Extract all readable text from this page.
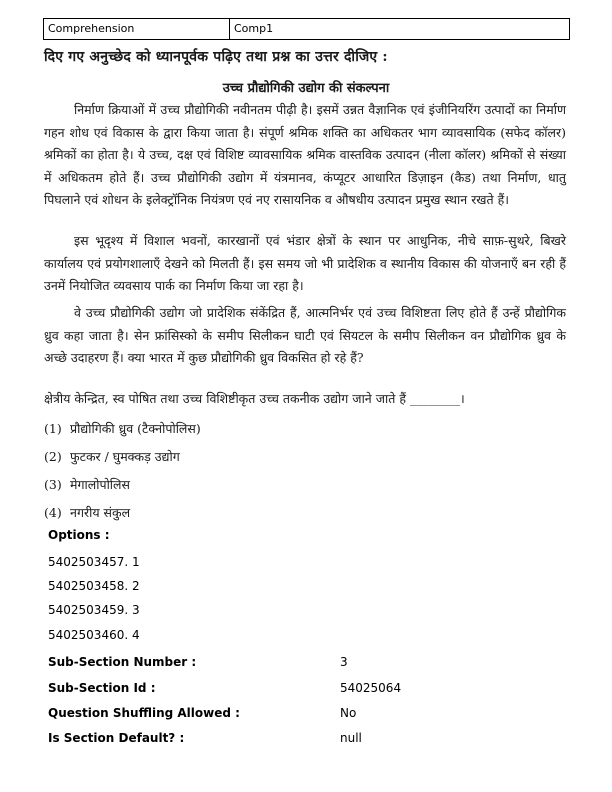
Comprehension	Comp1
दिए गए अनुच्छेद को ध्यानपूर्वक पढ़िए तथा प्रश्न का उत्तर दीजिए :
उच्च प्रौद्योगिकी उद्योग की संकल्पना

निर्माण क्रियाओं में उच्च प्रौद्योगिकी नवीनतम पीढ़ी है। इसमें उन्नत वैज्ञानिक एवं इंजीनियरिंग उत्पादों का निर्माण गहन शोध एवं विकास के द्वारा किया जाता है। संपूर्ण श्रमिक शक्ति का अधिकतर भाग व्यावसायिक (सफेद कॉलर) श्रमिकों का होता है। ये उच्च, दक्ष एवं विशिष्ट व्यावसायिक श्रमिक वास्तविक उत्पादन (नीला कॉलर) श्रमिकों से संख्या में अधिकतम होते हैं। उच्च प्रौद्योगिकी उद्योग में यंत्रमानव, कंप्यूटर आधारित डिज़ाइन (कैड) तथा निर्माण, धातु पिघलाने एवं शोधन के इलेक्ट्रॉनिक नियंत्रण एवं नए रासायनिक व औषधीय उत्पादन प्रमुख स्थान रखते हैं।

इस भूदृश्य में विशाल भवनों, कारखानों एवं भंडार क्षेत्रों के स्थान पर आधुनिक, नीचे साफ़-सुथरे, बिखरे कार्यालय एवं प्रयोगशालाएँ देखने को मिलती हैं। इस समय जो भी प्रादेशिक व स्थानीय विकास की योजनाएँ बन रही हैं उनमें नियोजित व्यवसाय पार्क का निर्माण किया जा रहा है।

वे उच्च प्रौद्योगिकी उद्योग जो प्रादेशिक संकेंद्रित हैं, आत्मनिर्भर एवं उच्च विशिष्टता लिए होते हैं उन्हें प्रौद्योगिक ध्रुव कहा जाता है। सेन फ्रांसिस्को के समीप सिलीकन घाटी एवं सियटल के समीप सिलीकन वन प्रौद्योगिक ध्रुव के अच्छे उदाहरण हैं। क्या भारत में कुछ प्रौद्योगिकी ध्रुव विकसित हो रहे हैं?

क्षेत्रीय केन्द्रित, स्व पोषित तथा उच्च विशिष्टीकृत उच्च तकनीक उद्योग जाने जाते हैं ________।
(1) प्रौद्योगिकी ध्रुव (टैक्नोपोलिस)
(2) फुटकर / घुमक्कड़ उद्योग
(3) मेगालोपोलिस
(4) नगरीय संकुल
Options :
5402503457. 1
5402503458. 2
5402503459. 3
5402503460. 4
Sub-Section Number :	3
Sub-Section Id :	54025064
Question Shuffling Allowed :	No
Is Section Default? :	null
